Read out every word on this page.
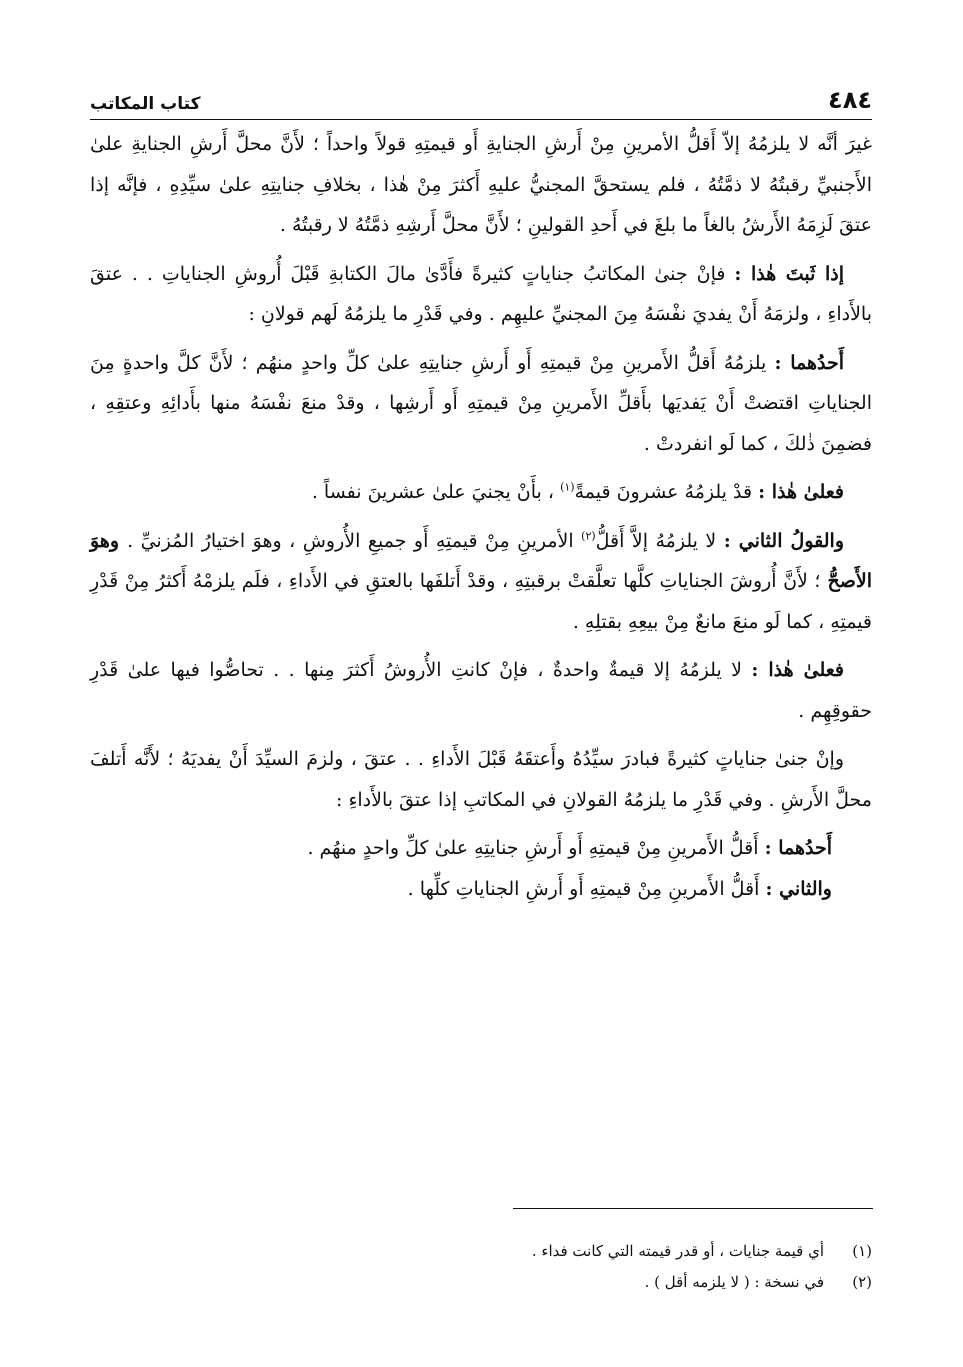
٤٨٤
كتاب المكاتب

غيرَ أنَّه لا يلزمُهُ إلاّ أَقلُّ الأمرينِ مِنْ أَرشِ الجنايةِ أَو قيمتِهِ قولاً واحداً ؛ لأَنَّ محلَّ أَرشِ الجنايةِ علىٰ الأَجنبيِّ رقبتُهُ لا ذمَّتُهُ ، فلم يستحقَّ المجنيُّ عليهِ أَكثرَ مِنْ هٰذا ، بخلافِ جنايتِهِ علىٰ سيِّدِهِ ، فإنَّه إذا عتقَ لَزِمَهُ الأَرشُ بالغاً ما بلغَ في أَحدِ القولينِ ؛ لأَنَّ محلَّ أَرشِهِ ذمَّتُهُ لا رقبتُهُ .

إذا ثَبتَ هٰذا : فإنْ جنىٰ المكاتبُ جناياتٍ كثيرةً فأَدَّىٰ مالَ الكتابةِ قَبْلَ أُروشِ الجناياتِ . . عتقَ بالأَداءِ ، ولزمَهُ أَنْ يفديَ نفْسَهُ مِنَ المجنيِّ عليهِم . وفي قَدْرِ ما يلزمُهُ لَهم قولانِ :

أَحدُهما : يلزمُهُ أَقلُّ الأَمرينِ مِنْ قيمتِهِ أَو أَرشِ جنايتِهِ علىٰ كلِّ واحدٍ منهُم ؛ لأَنَّ كلَّ واحدةٍ مِنَ الجناياتِ اقتضتْ أَنْ يَفديَها بأَقلِّ الأَمرينِ مِنْ قيمتِهِ أَو أَرشِها ، وقدْ منعَ نفْسَهُ منها بأَدائِهِ وعتقِهِ ، فضمِنَ ذٰلكَ ، كما لَو انفردتْ .

فعلىٰ هٰذا : قدْ يلزمُهُ عشرونَ قيمةً$^{(١)}$ ، بأَنْ يجنيَ علىٰ عشرينَ نفساً .

والقولُ الثاني : لا يلزمُهُ إلاَّ أَقلُّ$^{(٢)}$ الأمرينِ مِنْ قيمتِهِ أَو جميعِ الأُروشِ ، وهوَ اختيارُ المُزنيِّ . وهوَ الأَصحُّ ؛ لأَنَّ أُروشَ الجناياتِ كلَّها تعلَّقتْ برقبتِهِ ، وقدْ أَتلفَها بالعتقِ في الأَداءِ ، فلَم يلزمْهُ أَكثرُ مِنْ قَدْرِ قيمتِهِ ، كما لَو منعَ مانعٌ مِنْ بيعِهِ بقتلِهِ .

فعلىٰ هٰذا : لا يلزمُهُ إلا قيمةٌ واحدةٌ ، فإنْ كانتِ الأُروشُ أَكثرَ مِنها . . تحاصُّوا فيها علىٰ قَدْرِ حقوقِهِم .

وإنْ جنىٰ جناياتٍ كثيرةً فبادرَ سيِّدُهُ وأَعتقَهُ قَبْلَ الأَداءِ . . عتقَ ، ولزمَ السيِّدَ أَنْ يفديَهُ ؛ لأَنَّه أَتلفَ محلَّ الأَرشِ . وفي قَدْرِ ما يلزمُهُ القولانِ في المكاتبِ إذا عتقَ بالأَداءِ :

أَحدُهما : أَقلُّ الأَمرينِ مِنْ قيمتِهِ أَو أَرشِ جنايتِهِ علىٰ كلِّ واحدٍ منهُم .

والثاني : أَقلُّ الأَمرينِ مِنْ قيمتِهِ أَو أَرشِ الجناياتِ كلِّها .

(١)
أي قيمة جنايات ، أو قدر قيمته التي كانت فداء .
(٢)
في نسخة : ( لا يلزمه أقل ) .
